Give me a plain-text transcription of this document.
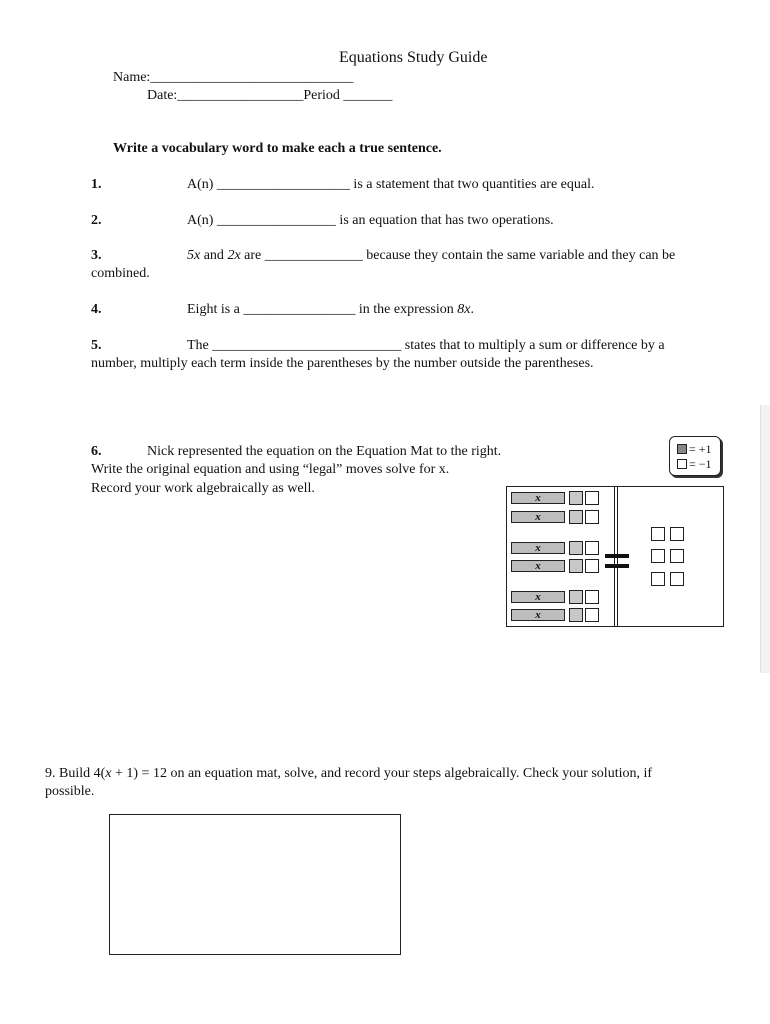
Equations Study Guide
Name:_____________________________
Date:__________________Period _______
Write a vocabulary word to make each a true sentence.
1.	A(n) ___________________ is a statement that two quantities are equal.
2.	A(n) _________________ is an equation that has two operations.
3.	5x and 2x are ______________ because they contain the same variable and they can be
combined.
4.	Eight is a ________________ in the expression 8x.
5.	The ___________________________ states that to multiply a sum or difference by a
number, multiply each term inside the parentheses by the number outside the parentheses.
6.	Nick represented the equation on the Equation Mat to the right.
Write the original equation and using “legal” moves solve for x.
Record your work algebraically as well.
= +1
= −1
x
x
x
x
x
x
9. Build 4(x + 1) = 12 on an equation mat, solve, and record your steps algebraically. Check your solution, if
possible.
